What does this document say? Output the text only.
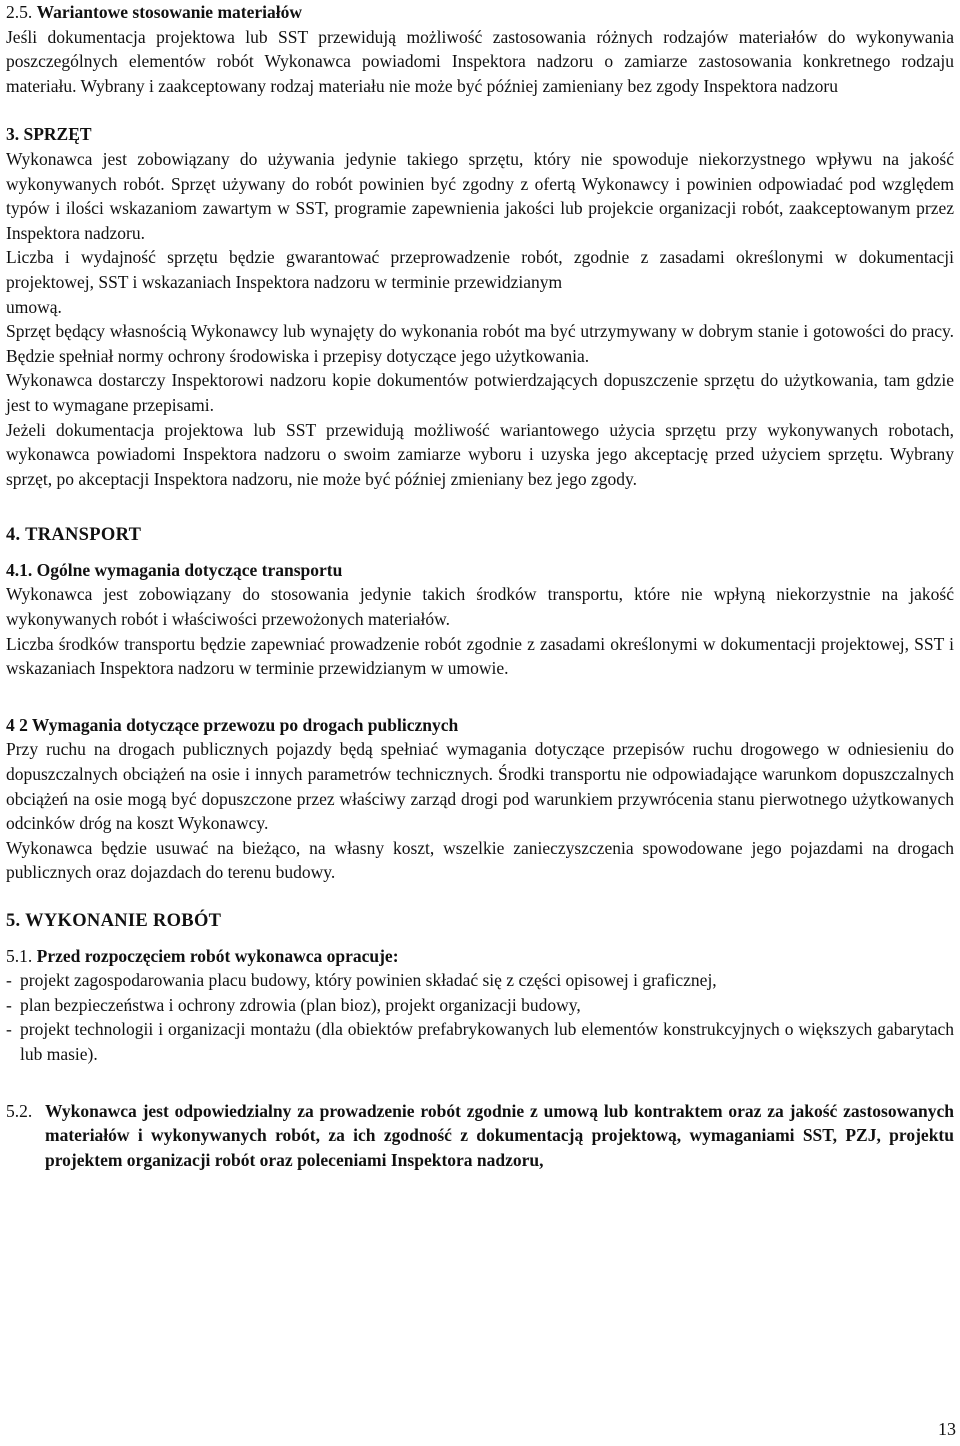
2.5. Wariantowe stosowanie materiałów

Jeśli dokumentacja projektowa lub SST przewidują możliwość zastosowania różnych rodzajów materiałów do wykonywania poszczególnych elementów robót Wykonawca powiadomi Inspektora nadzoru o zamiarze zastosowania konkretnego rodzaju materiału. Wybrany i zaakceptowany rodzaj materiału nie może być później zamieniany bez zgody Inspektora nadzoru

3. SPRZĘT

Wykonawca jest zobowiązany do używania jedynie takiego sprzętu, który nie spowoduje niekorzystnego wpływu na jakość wykonywanych robót. Sprzęt używany do robót powinien być zgodny z ofertą Wykonawcy i powinien odpowiadać pod względem typów i ilości wskazaniom zawartym w SST, programie zapewnienia jakości lub projekcie organizacji robót, zaakceptowanym przez Inspektora nadzoru.

Liczba i wydajność sprzętu będzie gwarantować przeprowadzenie robót, zgodnie z zasadami określonymi w dokumentacji projektowej, SST i wskazaniach Inspektora nadzoru w terminie przewidzianym

umową.

Sprzęt będący własnością Wykonawcy lub wynajęty do wykonania robót ma być utrzymywany w dobrym stanie i gotowości do pracy. Będzie spełniał normy ochrony środowiska i przepisy dotyczące jego użytkowania.

Wykonawca dostarczy Inspektorowi nadzoru kopie dokumentów potwierdzających dopuszczenie sprzętu do użytkowania, tam gdzie jest to wymagane przepisami.

Jeżeli dokumentacja projektowa lub SST przewidują możliwość wariantowego użycia sprzętu przy wykonywanych robotach, wykonawca powiadomi Inspektora nadzoru o swoim zamiarze wyboru i uzyska jego akceptację przed użyciem sprzętu. Wybrany sprzęt, po akceptacji Inspektora nadzoru, nie może być później zmieniany bez jego zgody.

4. TRANSPORT

4.1. Ogólne wymagania dotyczące transportu

Wykonawca jest zobowiązany do stosowania jedynie takich środków transportu, które nie wpłyną niekorzystnie na jakość wykonywanych robót i właściwości przewożonych materiałów.

Liczba środków transportu będzie zapewniać prowadzenie robót zgodnie z zasadami określonymi w dokumentacji projektowej, SST i wskazaniach Inspektora nadzoru w terminie przewidzianym w umowie.

4 2 Wymagania dotyczące przewozu po drogach publicznych

Przy ruchu na drogach publicznych pojazdy będą spełniać wymagania dotyczące przepisów ruchu drogowego w odniesieniu do dopuszczalnych obciążeń na osie i innych parametrów technicznych. Środki transportu nie odpowiadające warunkom dopuszczalnych obciążeń na osie mogą być dopuszczone przez właściwy zarząd drogi pod warunkiem przywrócenia stanu pierwotnego użytkowanych odcinków dróg na koszt Wykonawcy.

Wykonawca będzie usuwać na bieżąco, na własny koszt, wszelkie zanieczyszczenia spowodowane jego pojazdami na drogach publicznych oraz dojazdach do terenu budowy.

5. WYKONANIE ROBÓT

5.1. Przed rozpoczęciem robót wykonawca opracuje:

- projekt zagospodarowania placu budowy, który powinien składać się z części opisowej i graficznej,
- plan bezpieczeństwa i ochrony zdrowia (plan bioz), projekt organizacji budowy,
- projekt technologii i organizacji montażu (dla obiektów prefabrykowanych lub elementów konstrukcyjnych o większych gabarytach lub masie).
5.2. Wykonawca jest odpowiedzialny za prowadzenie robót zgodnie z umową lub kontraktem oraz za jakość zastosowanych materiałów i wykonywanych robót, za ich zgodność z dokumentacją projektową, wymaganiami SST, PZJ, projektu projektem organizacji robót oraz poleceniami Inspektora nadzoru,
13
